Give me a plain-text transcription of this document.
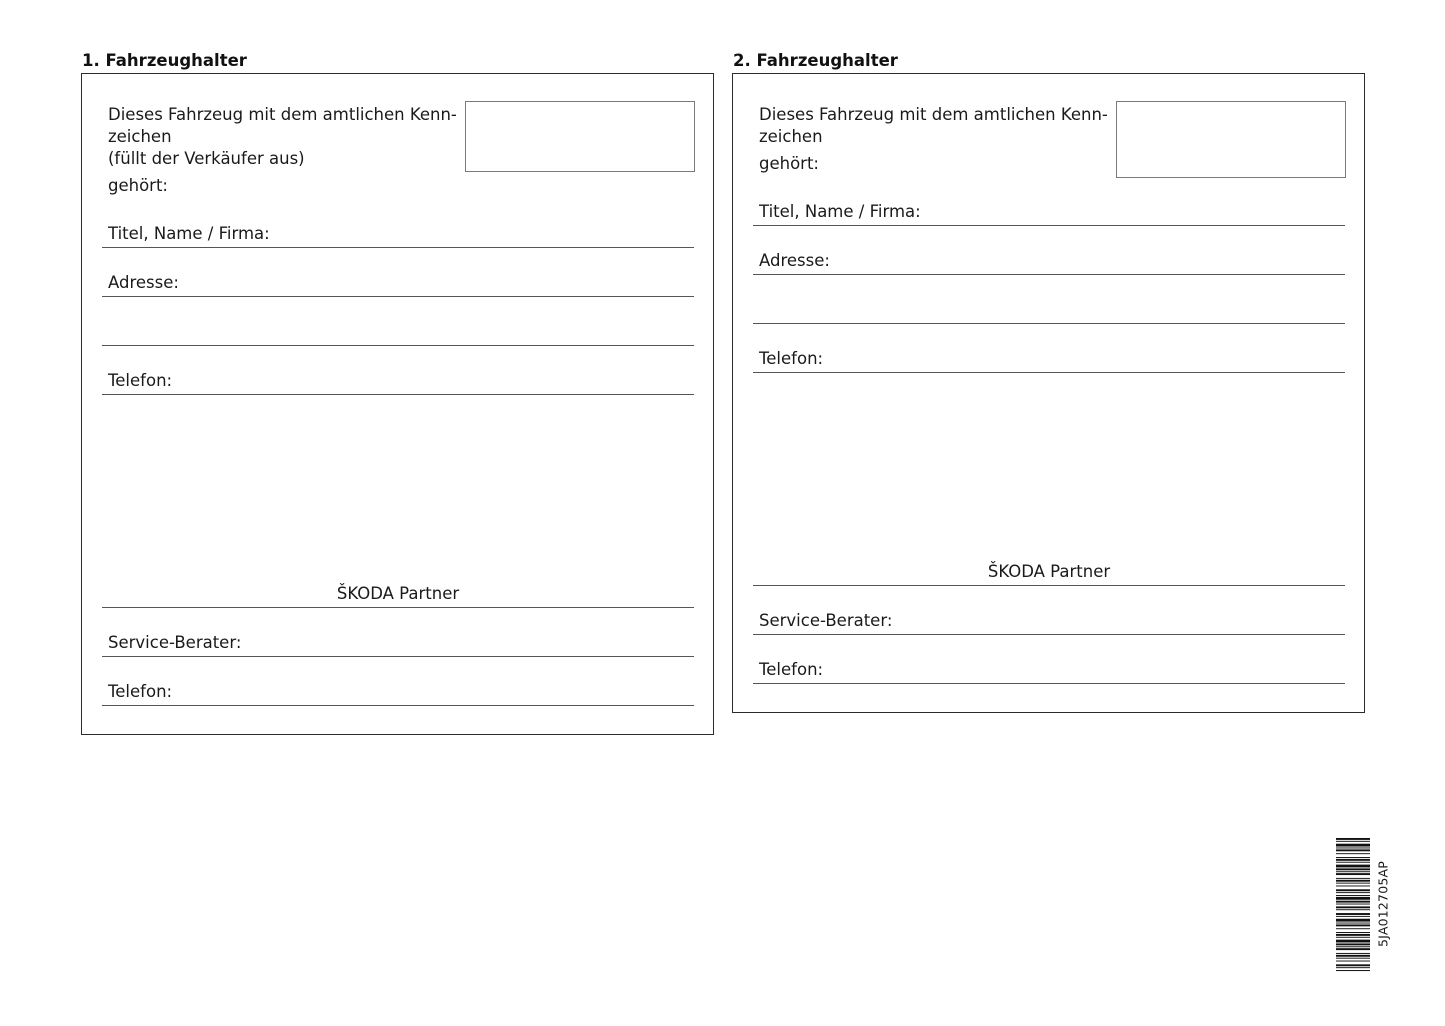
1. Fahrzeughalter

Dieses Fahrzeug mit dem amtlichen Kenn-

zeichen

(füllt der Verkäufer aus)

gehört:

Titel, Name / Firma:

Adresse:

Telefon:

ŠKODA Partner

Service-Berater:

Telefon:

2. Fahrzeughalter

Dieses Fahrzeug mit dem amtlichen Kenn-

zeichen

gehört:

Titel, Name / Firma:

Adresse:

Telefon:

ŠKODA Partner

Service-Berater:

Telefon:

5JA012705AP
